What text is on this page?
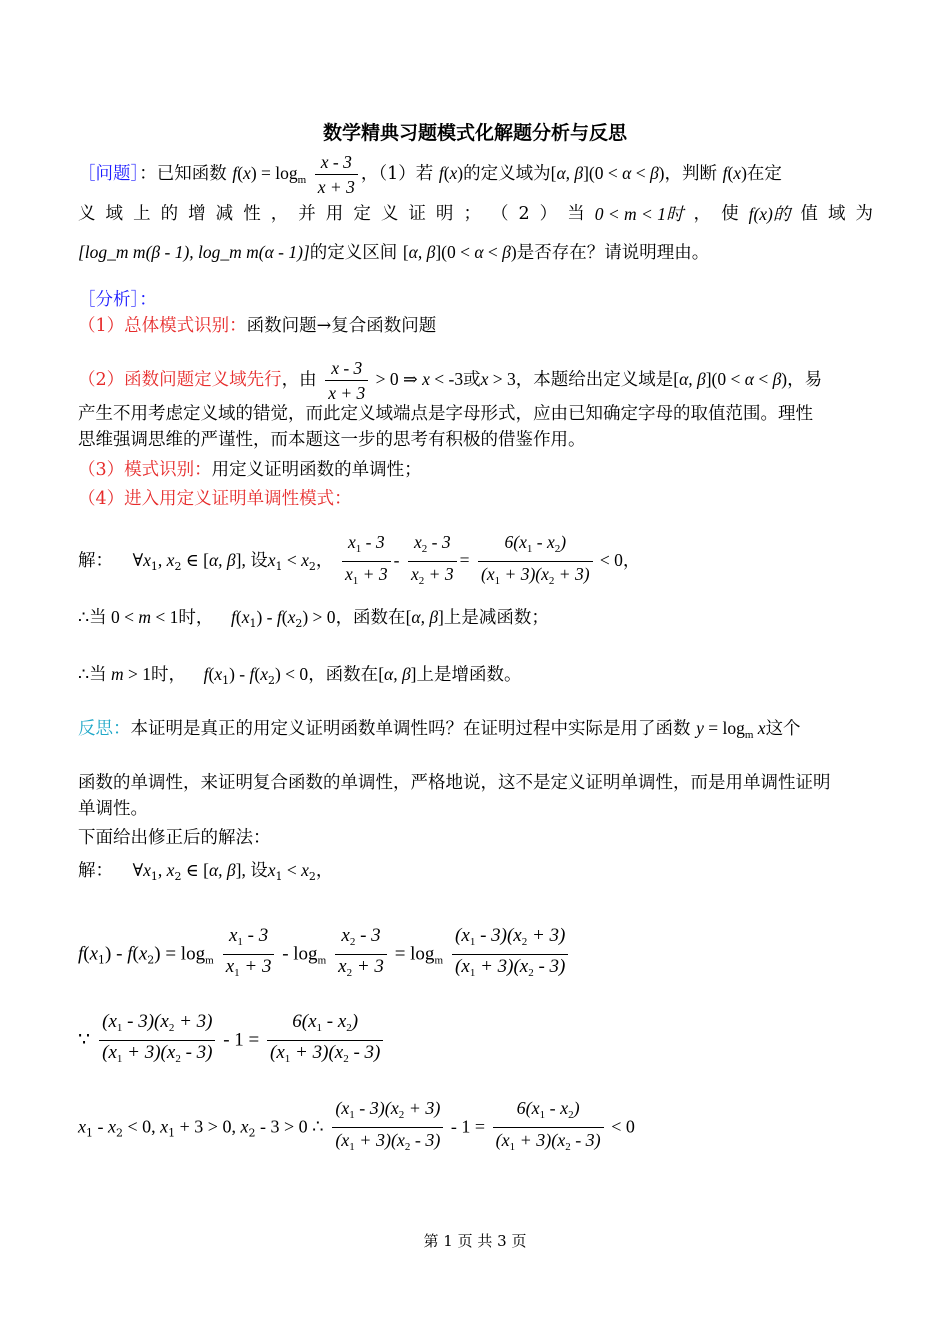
数学精典习题模式化解题分析与反思
［问题］：已知函数 $f(x) = \log_m \frac{x - 3}{x + 3}$ ，（1）若 f(x)的定义域为[α, β](0 < α < β)，判断 f(x)在定
义 域 上 的 增 减 性 ， 并 用 定 义 证 明 ； （ 2 ） 当 0 < m < 1时 ， 使 f(x)的 值 域 为
[log_m m(β - 1), log_m m(α - 1)]的定义区间 [α, β](0 < α < β)是否存在？请说明理由。
［分析］：
（1）总体模式识别：函数问题→复合函数问题
（2）函数问题定义域先行，由 $\frac{x - 3}{x + 3} > 0$ ⇒ x < -3或x > 3，本题给出定义域是[α, β](0 < α < β)，易
产生不用考虑定义域的错觉，而此定义域端点是字母形式，应由已知确定字母的取值范围。理性
思维强调思维的严谨性，而本题这一步的思考有积极的借鉴作用。
（3）模式识别：用定义证明函数的单调性；
（4）进入用定义证明单调性模式：
解： $\forall x_1$, $x_2$ ∈ [α, β], 设$x_1 < x_2$， $\frac{x_1 - 3}{x_1 + 3} - \frac{x_2 - 3}{x_2 + 3} = \frac{6(x_1 - x_2)}{(x_1 + 3)(x_2 + 3)} < 0$，
∴当 0 < m < 1时， $f(x_1) - f(x_2) > 0$，函数在[α, β]上是减函数；
∴当 m > 1时， $f(x_1) - f(x_2) < 0$，函数在[α, β]上是增函数。
反思：本证明是真正的用定义证明函数单调性吗？在证明过程中实际是用了函数 $y = \log_m x$这个
函数的单调性，来证明复合函数的单调性，严格地说，这不是定义证明单调性，而是用单调性证明
单调性。
下面给出修正后的解法：
解： $\forall x_1$, $x_2$ ∈ [α, β], 设$x_1 < x_2$，
$f(x_1) - f(x_2) = \log_m \frac{x_1 - 3}{x_1 + 3} - \log_m \frac{x_2 - 3}{x_2 + 3} = \log_m \frac{(x_1 - 3)(x_2 + 3)}{(x_1 + 3)(x_2 - 3)}$
∵ $\frac{(x_1 - 3)(x_2 + 3)}{(x_1 + 3)(x_2 - 3)} - 1 = \frac{6(x_1 - x_2)}{(x_1 + 3)(x_2 - 3)}$
$x_1 - x_2 < 0$, $x_1 + 3 > 0$, $x_2 - 3 > 0$ ∴ $\frac{(x_1 - 3)(x_2 + 3)}{(x_1 + 3)(x_2 - 3)} - 1 = \frac{6(x_1 - x_2)}{(x_1 + 3)(x_2 - 3)} < 0$
第 1 页 共 3 页
